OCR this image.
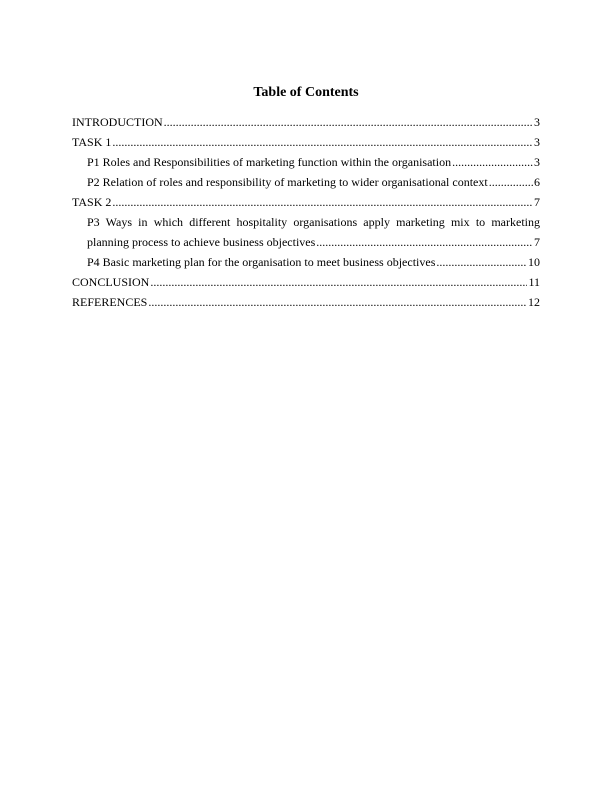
Table of Contents
INTRODUCTION .....	3
TASK 1 .....	3
P1 Roles and Responsibilities of marketing function within the organisation .....	3
P2 Relation of roles and responsibility of marketing to wider organisational context .....	6
TASK 2 .....	7
P3 Ways in which different hospitality organisations apply marketing mix to marketing
planning process to achieve business objectives .....	7
P4 Basic marketing plan for the organisation to meet business objectives .....	10
CONCLUSION .....	11
REFERENCES .....	12
